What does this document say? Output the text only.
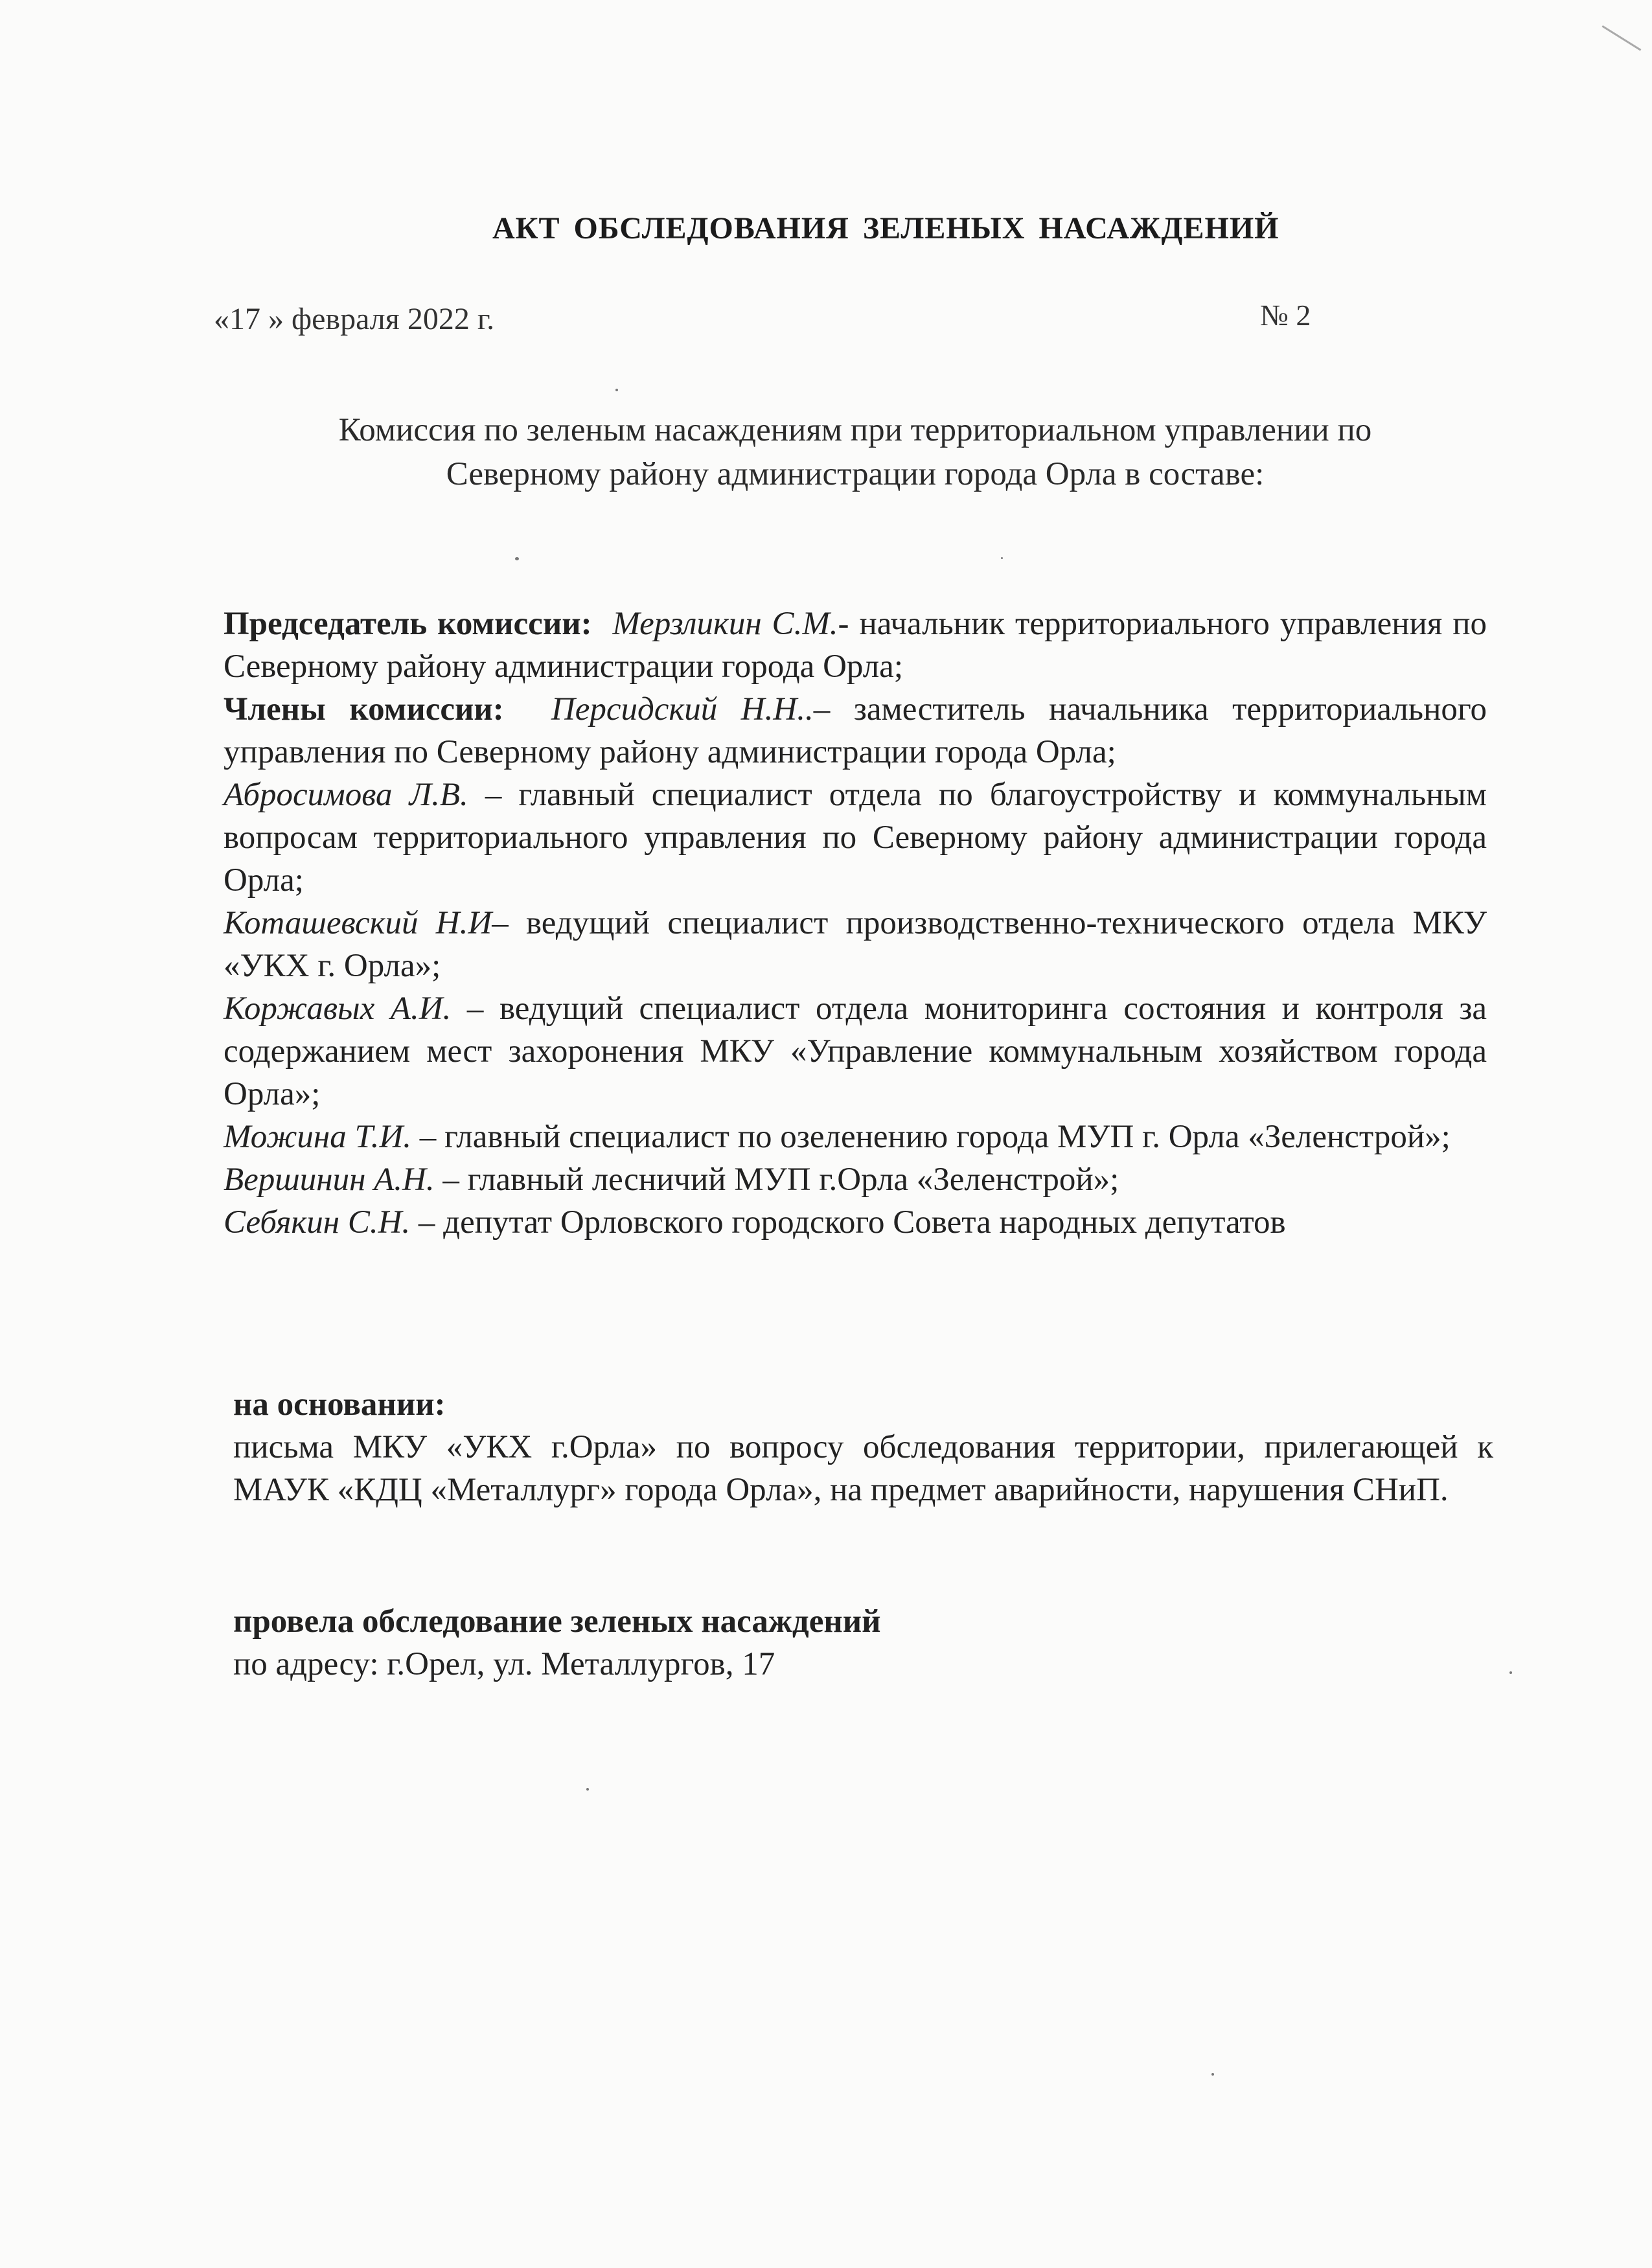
АКТ ОБСЛЕДОВАНИЯ ЗЕЛЕНЫХ НАСАЖДЕНИЙ
«17 » февраля 2022 г.	№ 2
Комиссия по зеленым насаждениям при территориальном управлении по
Северному району администрации города Орла в составе:

Председатель комиссии: Мерзликин С.М.- начальник территориального управления по Северному району администрации города Орла;

Члены комиссии: Персидский Н.Н..– заместитель начальника территориального управления по Северному району администрации города Орла;

Абросимова Л.В. – главный специалист отдела по благоустройству и коммунальным вопросам территориального управления по Северному району администрации города Орла;

Коташевский Н.И– ведущий специалист производственно-технического отдела МКУ «УКХ г. Орла»;

Коржавых А.И. – ведущий специалист отдела мониторинга состояния и контроля за содержанием мест захоронения МКУ «Управление коммунальным хозяйством города Орла»;

Можина Т.И. – главный специалист по озеленению города МУП г. Орла «Зеленстрой»;

Вершинин А.Н. – главный лесничий МУП г.Орла «Зеленстрой»;

Себякин С.Н. – депутат Орловского городского Совета народных депутатов

на основании:

письма МКУ «УКХ г.Орла» по вопросу обследования территории, прилегающей к МАУК «КДЦ «Металлург» города Орла», на предмет аварийности, нарушения СНиП.

провела обследование зеленых насаждений

по адресу: г.Орел, ул. Металлургов, 17
